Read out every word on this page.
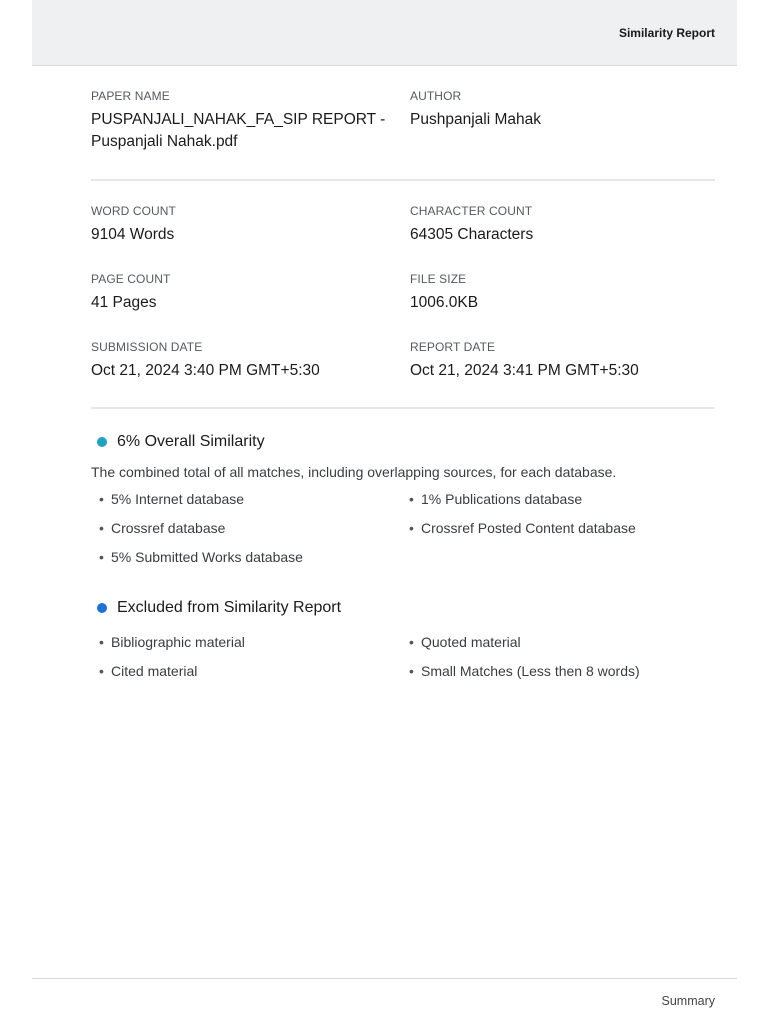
Similarity Report
PAPER NAME
PUSPANJALI_NAHAK_FA_SIP REPORT - Puspanjali Nahak.pdf
AUTHOR
Pushpanjali Mahak
WORD COUNT
9104 Words
CHARACTER COUNT
64305 Characters
PAGE COUNT
41 Pages
FILE SIZE
1006.0KB
SUBMISSION DATE
Oct 21, 2024 3:40 PM GMT+5:30
REPORT DATE
Oct 21, 2024 3:41 PM GMT+5:30
6% Overall Similarity
The combined total of all matches, including overlapping sources, for each database.
• 5% Internet database	• 1% Publications database
• Crossref database	• Crossref Posted Content database
• 5% Submitted Works database
Excluded from Similarity Report
• Bibliographic material	• Quoted material
• Cited material	• Small Matches (Less then 8 words)
Summary
